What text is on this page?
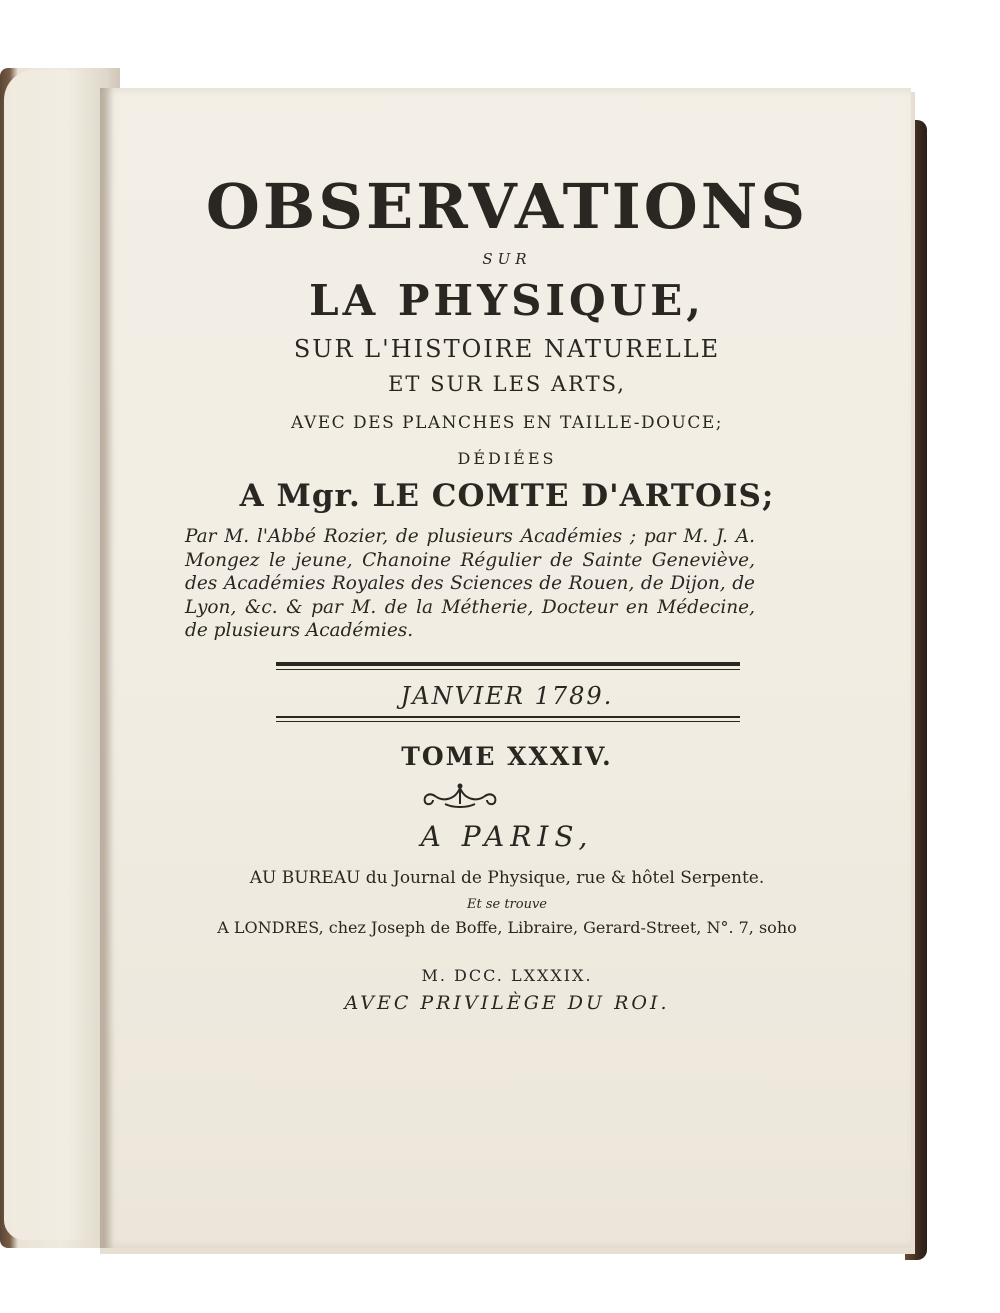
OBSERVATIONS
SUR
LA PHYSIQUE,
SUR L'HISTOIRE NATURELLE
ET SUR LES ARTS,
AVEC DES PLANCHES EN TAILLE-DOUCE;
DÉDIÉES
A Mgr. LE COMTE D'ARTOIS;

Par M. l'Abbé Rozier, de plusieurs Académies ; par M. J. A. Mongez le jeune, Chanoine Régulier de Sainte Geneviève, des Académies Royales des Sciences de Rouen, de Dijon, de Lyon, &c. & par M. de la Métherie, Docteur en Médecine, de plusieurs Académies.

JANVIER 1789.
TOME XXXIV.
A PARIS,
AU BUREAU du Journal de Physique, rue & hôtel Serpente.
Et se trouve
A LONDRES, chez Joseph de Boffe, Libraire, Gerard-Street, N°. 7, soho
M. DCC. LXXXIX.
AVEC PRIVILÈGE DU ROI.
